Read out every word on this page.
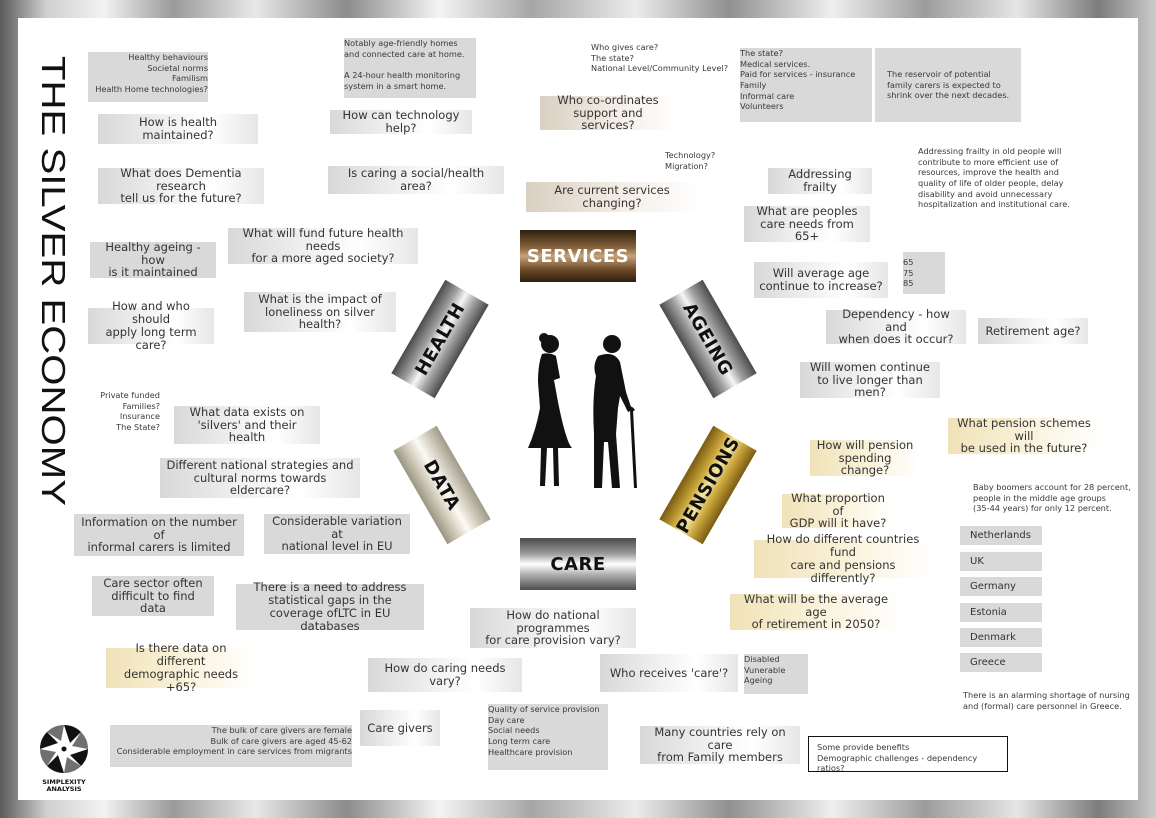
THE SILVER ECONOMY
SIMPLEXITY
ANALYSIS
SERVICES
CARE
HEALTH	AGEING
DATA	PENSIONS
Healthy behaviours
Societal norms
Familism
Health Home technologies?
How is health maintained?
What does Dementia research
tell us for the future?
Healthy ageing - how
is it maintained
How and who should
apply long term care?
Notably age-friendly homes
and connected care at home.

A 24-hour health monitoring
system in a smart home.
How can technology help?
Is caring a social/health area?
What will fund future health needs
for a more aged society?
What is the impact of
loneliness on silver health?
Who gives care?
The state?
National Level/Community Level?
Who co-ordinates
support and services?
The state?
Medical services.
Paid for services - insurance
Family
Informal care
Volunteers
The reservoir of potential
family carers is expected to
shrink over the next decades.
Technology?
Migration?
Are current services changing?
Addressing frailty
Addressing frailty in old people will
contribute to more efficient use of
resources, improve the health and
quality of life of older people, delay
disability and avoid unnecessary
hospitalization and institutional care.
What are peoples
care needs from 65+
Will average age
continue to increase?
65
75
85
Dependency - how and
when does it occur?
Retirement age?
Will women continue
to live longer than men?
What pension schemes will
be used in the future?
How will pension
spending change?
Baby boomers account for 28 percent,
people in the middle age groups
(35-44 years) for only 12 percent.
What proportion of
GDP will it have?
How do different countries fund
care and pensions differently?
What will be the average age
of retirement in 2050?
Netherlands
UK
Germany
Estonia
Denmark
Greece
There is an alarming shortage of nursing
and (formal) care personnel in Greece.
Private funded
Families?
Insurance
The State?
What data exists on
'silvers' and their health
Different national strategies and
cultural norms towards eldercare?
Information on the number of
informal carers is limited
Considerable variation at
national level in EU
Care sector often
difficult to find data
There is a need to address
statistical gaps in the
coverage ofLTC in EU databases
Is there data on different
demographic needs +65?
How do national programmes
for care provision vary?
How do caring needs vary?
Who receives 'care'?
Disabled
Vunerable
Ageing
Care givers
Quality of service provision
Day care
Social needs
Long term care
Healthcare provision
Many countries rely on care
from Family members
The bulk of care givers are female
Bulk of care givers are aged 45-62
Considerable employment in care services from migrants	Some provide benefits
Demographic challenges - dependency ratios?
